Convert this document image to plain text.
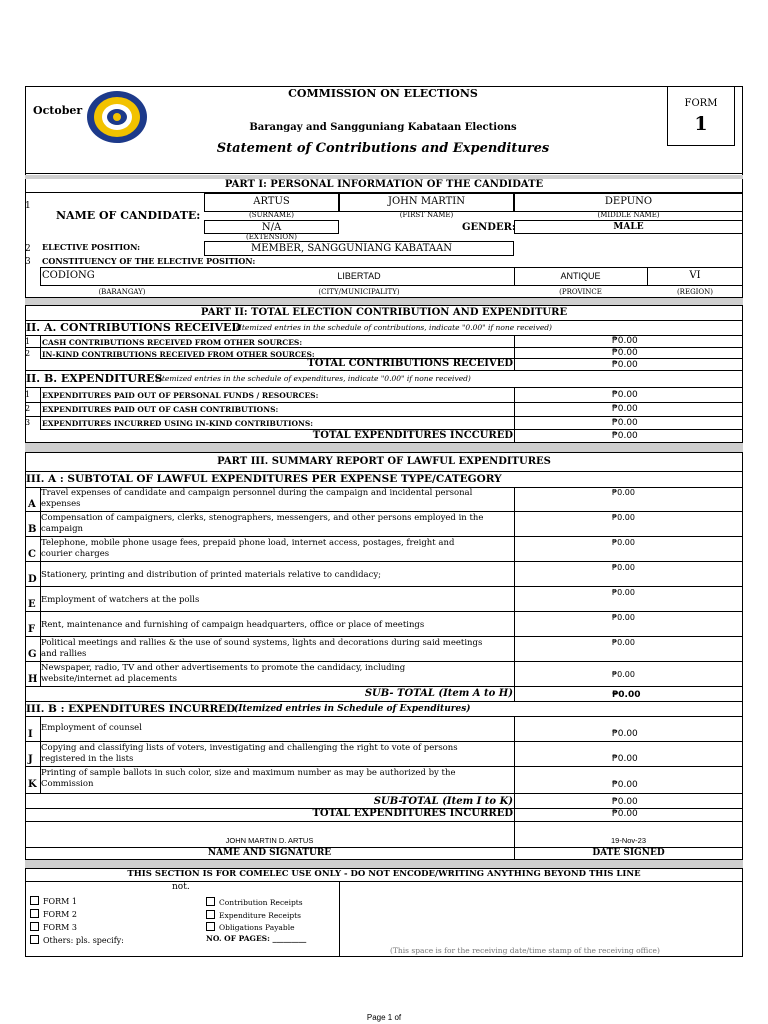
October
COMMISSION ON ELECTIONS
Barangay and Sangguniang Kabataan Elections
Statement of Contributions and Expenditures
FORM
1
PART I: PERSONAL INFORMATION OF THE CANDIDATE
1
NAME OF CANDIDATE:
ARTUS	JOHN MARTIN	DEPUNO
(SURNAME)	(FIRST NAME)	(MIDDLE NAME)
N/A
(EXTENSION)
GENDER:	MALE
2 ELECTIVE POSITION:	MEMBER, SANGGUNIANG KABATAAN
3 CONSTITUENCY OF THE ELECTIVE POSITION:
CODIONG	LIBERTAD	ANTIQUE	VI
(BARANGAY)	(CITY/MUNICIPALITY)	(PROVINCE	(REGION)
PART II: TOTAL ELECTION CONTRIBUTION AND EXPENDITURE
II. A. CONTRIBUTIONS RECEIVED
(Itemized entries in the schedule of contributions, indicate "0.00" if none received)
1 CASH CONTRIBUTIONS RECEIVED FROM OTHER SOURCES:	₱0.00
2 IN-KIND CONTRIBUTIONS RECEIVED FROM OTHER SOURCES:	₱0.00
TOTAL CONTRIBUTIONS RECEIVED	₱0.00
II. B. EXPENDITURES
(Itemized entries in the schedule of expenditures, indicate "0.00" if none received)
1 EXPENDITURES PAID OUT OF PERSONAL FUNDS / RESOURCES:	₱0.00
2 EXPENDITURES PAID OUT OF CASH CONTRIBUTIONS:	₱0.00
3 EXPENDITURES INCURRED USING IN-KIND CONTRIBUTIONS:	₱0.00
TOTAL EXPENDITURES INCCURED	₱0.00
PART III. SUMMARY REPORT OF LAWFUL EXPENDITURES
III. A : SUBTOTAL OF LAWFUL EXPENDITURES PER EXPENSE TYPE/CATEGORY
A
Travel expenses of candidate and campaign personnel during the campaign and incidental personal
expenses
₱0.00
B
Compensation of campaigners, clerks, stenographers, messengers, and other persons employed in the
campaign
₱0.00
C
Telephone, mobile phone usage fees, prepaid phone load, internet access, postages, freight and
courier charges
₱0.00
D Stationery, printing and distribution of printed materials relative to candidacy;
₱0.00
E Employment of watchers at the polls
₱0.00
F Rent, maintenance and furnishing of campaign headquarters, office or place of meetings
₱0.00
G
Political meetings and rallies & the use of sound systems, lights and decorations during said meetings
and rallies
₱0.00
H
Newspaper, radio, TV and other advertisements to promote the candidacy, including
website/internet ad placements	₱0.00
SUB- TOTAL (Item A to H)	₱0.00
III. B : EXPENDITURES INCURRED
(Itemized entries in Schedule of Expenditures)
I
Employment of counsel
₱0.00
J
Copying and classifying lists of voters, investigating and challenging the right to vote of persons
registered in the lists	₱0.00
K
Printing of sample ballots in such color, size and maximum number as may be authorized by the
Commission	₱0.00
SUB-TOTAL (Item I to K)	₱0.00
TOTAL EXPENDITURES INCURRED	₱0.00
JOHN MARTIN D. ARTUS	19-Nov-23
NAME AND SIGNATURE	DATE SIGNED
THIS SECTION IS FOR COMELEC USE ONLY - DO NOT ENCODE/WRITING ANYTHING BEYOND THIS LINE
not.
FORM 1
FORM 2
FORM 3
Others: pls. specify:
Contribution Receipts
Expenditure Receipts
Obligations Payable
NO. OF PAGES: _________
(This space is for the receiving date/time stamp of the receiving office)
Page 1 of
